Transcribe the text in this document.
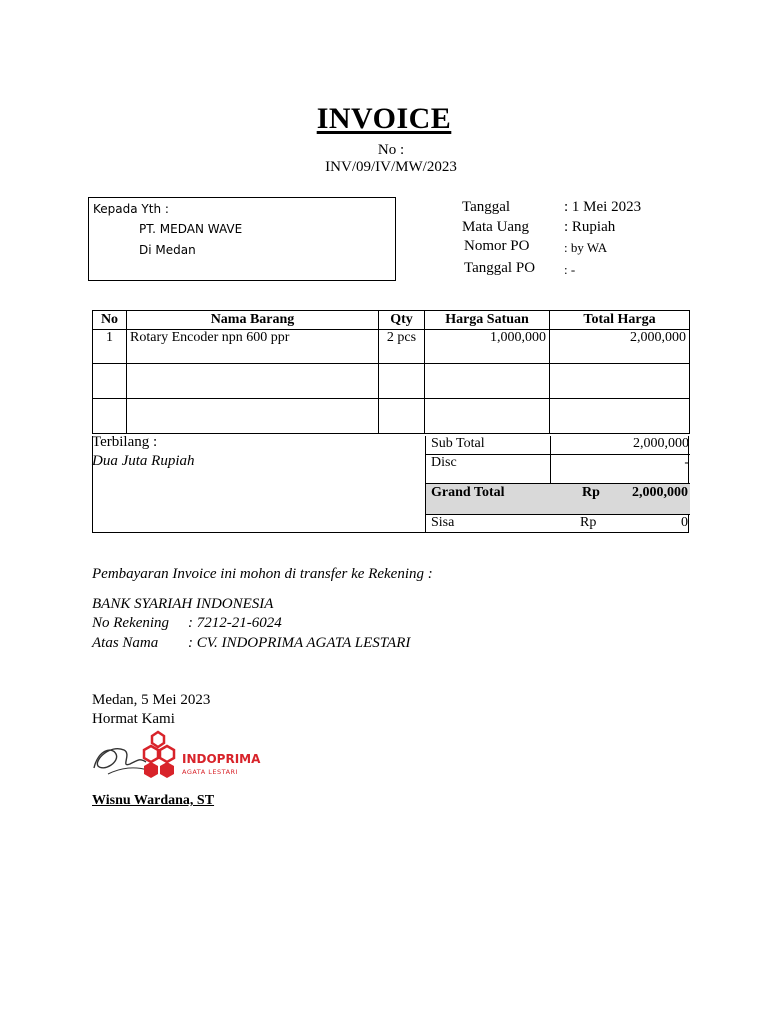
INVOICE
No :
INV/09/IV/MW/2023
Kepada Yth :
PT. MEDAN WAVE
Di Medan
Tanggal	: 1 Mei 2023
Mata Uang : Rupiah
Nomor PO	: by WA
Tanggal PO : -
No	Nama Barang	Qty	Harga Satuan	Total Harga
1	Rotary Encoder npn 600 ppr	2 pcs	1,000,000	2,000,000

Sub Total	2,000,000
Disc	-
Grand Total	Rp 2,000,000
Sisa	Rp	0
Terbilang :
Dua Juta Rupiah
Pembayaran Invoice ini mohon di transfer ke Rekening :
BANK SYARIAH INDONESIA
No Rekening : 7212-21-6024
Atas Nama : CV. INDOPRIMA AGATA LESTARI
Medan, 5 Mei 2023
Hormat Kami
INDOPRIMA
AGATA LESTARI
Wisnu Wardana, ST
